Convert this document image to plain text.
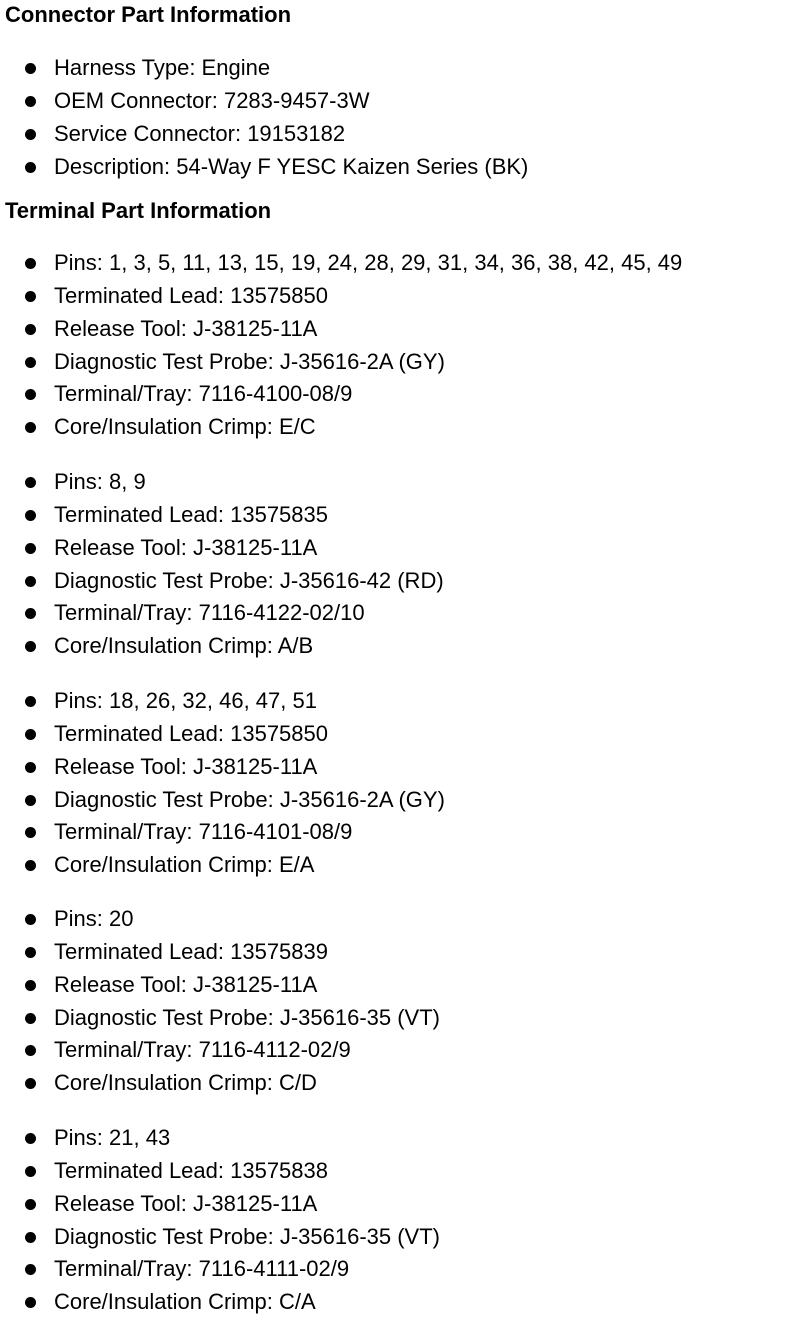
Connector Part Information
Harness Type: Engine
OEM Connector: 7283-9457-3W
Service Connector: 19153182
Description: 54-Way F YESC Kaizen Series (BK)
Terminal Part Information
Pins: 1, 3, 5, 11, 13, 15, 19, 24, 28, 29, 31, 34, 36, 38, 42, 45, 49
Terminated Lead: 13575850
Release Tool: J-38125-11A
Diagnostic Test Probe: J-35616-2A (GY)
Terminal/Tray: 7116-4100-08/9
Core/Insulation Crimp: E/C
Pins: 8, 9
Terminated Lead: 13575835
Release Tool: J-38125-11A
Diagnostic Test Probe: J-35616-42 (RD)
Terminal/Tray: 7116-4122-02/10
Core/Insulation Crimp: A/B
Pins: 18, 26, 32, 46, 47, 51
Terminated Lead: 13575850
Release Tool: J-38125-11A
Diagnostic Test Probe: J-35616-2A (GY)
Terminal/Tray: 7116-4101-08/9
Core/Insulation Crimp: E/A
Pins: 20
Terminated Lead: 13575839
Release Tool: J-38125-11A
Diagnostic Test Probe: J-35616-35 (VT)
Terminal/Tray: 7116-4112-02/9
Core/Insulation Crimp: C/D
Pins: 21, 43
Terminated Lead: 13575838
Release Tool: J-38125-11A
Diagnostic Test Probe: J-35616-35 (VT)
Terminal/Tray: 7116-4111-02/9
Core/Insulation Crimp: C/A
